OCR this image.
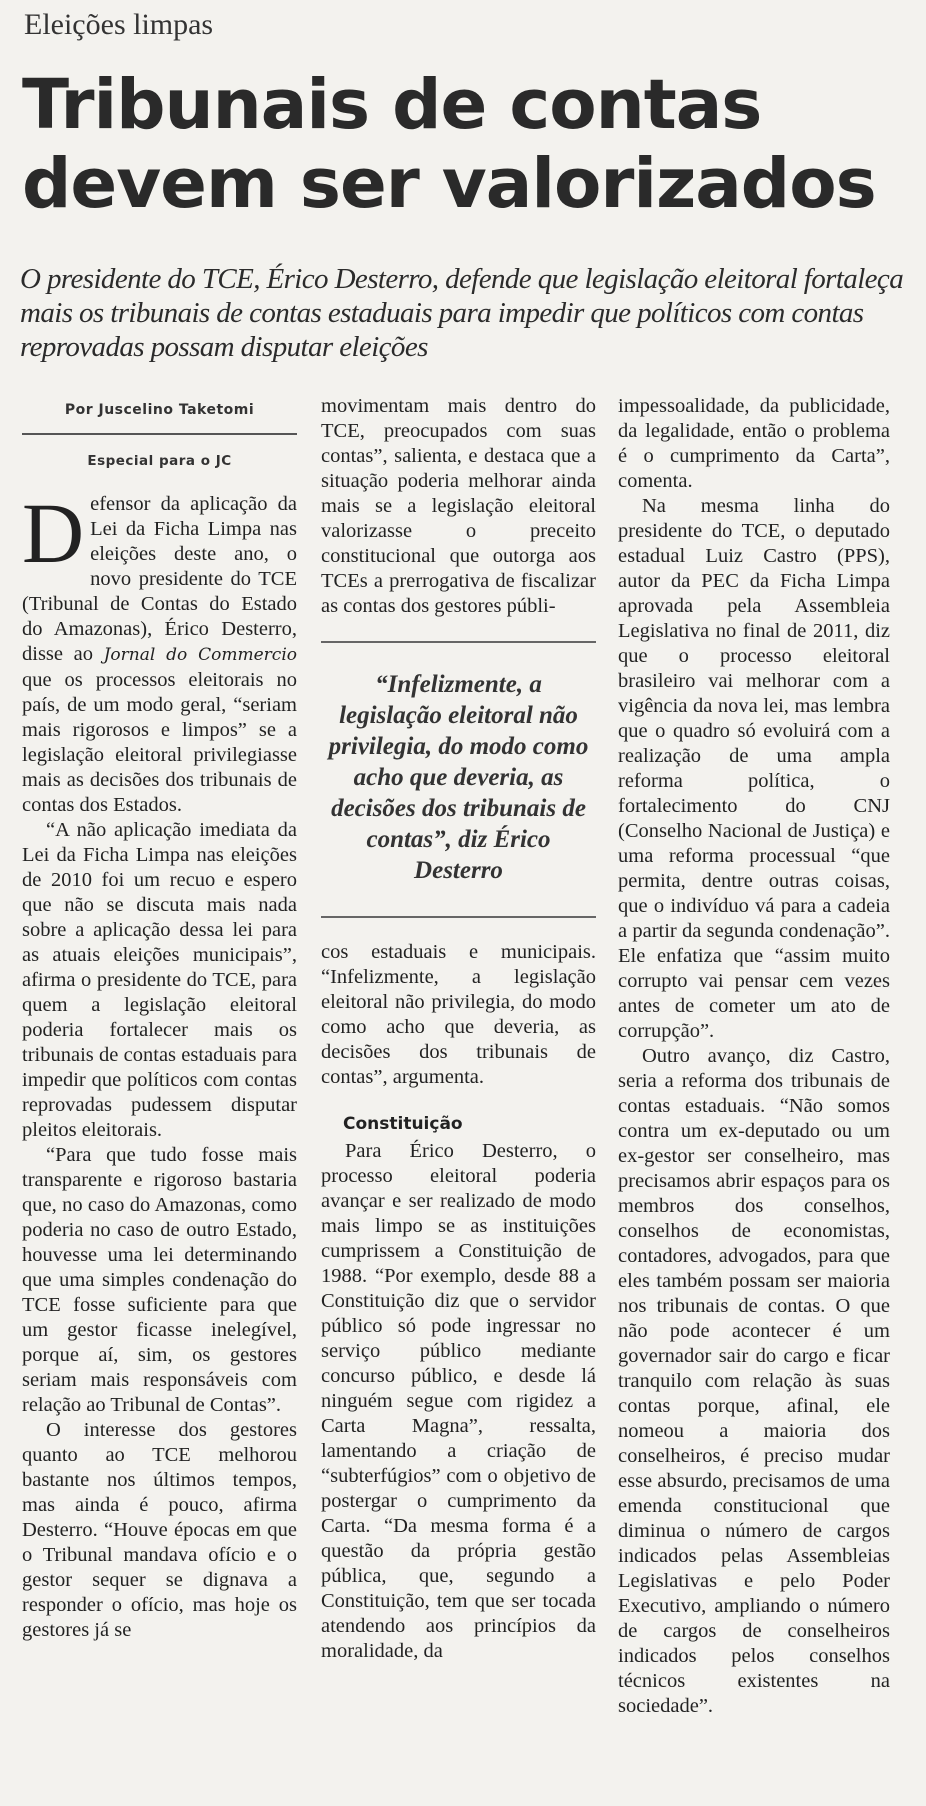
Eleições limpas
Tribunais de contas
devem ser valorizados

O presidente do TCE, Érico Desterro, defende que legislação eleitoral fortaleça mais os tribunais de contas estaduais para impedir que políticos com contas reprovadas possam disputar eleições

Por Juscelino Taketomi
Especial para o JC

Defensor da aplicação da Lei da Ficha Limpa nas eleições deste ano, o novo presidente do TCE (Tribunal de Contas do Estado do Amazonas), Érico Desterro, disse ao Jornal do Commercio que os processos eleitorais no país, de um modo geral, “seriam mais rigorosos e limpos” se a legislação eleitoral privilegiasse mais as decisões dos tribunais de contas dos Estados.

“A não aplicação imediata da Lei da Ficha Limpa nas eleições de 2010 foi um recuo e espero que não se discuta mais nada sobre a aplicação dessa lei para as atuais eleições municipais”, afirma o presidente do TCE, para quem a legislação eleitoral poderia fortalecer mais os tribunais de contas estaduais para impedir que políticos com contas reprovadas pudessem disputar pleitos eleitorais.

“Para que tudo fosse mais transparente e rigoroso bastaria que, no caso do Amazonas, como poderia no caso de outro Estado, houvesse uma lei determinando que uma simples condenação do TCE fosse suficiente para que um gestor ficasse inelegível, porque aí, sim, os gestores seriam mais responsáveis com relação ao Tribunal de Contas”.

O interesse dos gestores quanto ao TCE melhorou bastante nos últimos tempos, mas ainda é pouco, afirma Desterro. “Houve épocas em que o Tribunal mandava ofício e o gestor sequer se dignava a responder o ofício, mas hoje os gestores já se

movimentam mais dentro do TCE, preocupados com suas contas”, salienta, e destaca que a situação poderia melhorar ainda mais se a legislação eleitoral valorizasse o preceito constitucional que outorga aos TCEs a prerrogativa de fiscalizar as contas dos gestores públi-

“Infelizmente, a legislação eleitoral não privilegia, do modo como acho que deveria, as decisões dos tribunais de contas”, diz Érico Desterro

cos estaduais e municipais. “Infelizmente, a legislação eleitoral não privilegia, do modo como acho que deveria, as decisões dos tribunais de contas”, argumenta.

Constituição

Para Érico Desterro, o processo eleitoral poderia avançar e ser realizado de modo mais limpo se as instituições cumprissem a Constituição de 1988. “Por exemplo, desde 88 a Constituição diz que o servidor público só pode ingressar no serviço público mediante concurso público, e desde lá ninguém segue com rigidez a Carta Magna”, ressalta, lamentando a criação de “subterfúgios” com o objetivo de postergar o cumprimento da Carta. “Da mesma forma é a questão da própria gestão pública, que, segundo a Constituição, tem que ser tocada atendendo aos princípios da moralidade, da

impessoalidade, da publicidade, da legalidade, então o problema é o cumprimento da Carta”, comenta.

Na mesma linha do presidente do TCE, o deputado estadual Luiz Castro (PPS), autor da PEC da Ficha Limpa aprovada pela Assembleia Legislativa no final de 2011, diz que o processo eleitoral brasileiro vai melhorar com a vigência da nova lei, mas lembra que o quadro só evoluirá com a realização de uma ampla reforma política, o fortalecimento do CNJ (Conselho Nacional de Justiça) e uma reforma processual “que permita, dentre outras coisas, que o indivíduo vá para a cadeia a partir da segunda condenação”. Ele enfatiza que “assim muito corrupto vai pensar cem vezes antes de cometer um ato de corrupção”.

Outro avanço, diz Castro, seria a reforma dos tribunais de contas estaduais. “Não somos contra um ex-deputado ou um ex-gestor ser conselheiro, mas precisamos abrir espaços para os membros dos conselhos, conselhos de economistas, contadores, advogados, para que eles também possam ser maioria nos tribunais de contas. O que não pode acontecer é um governador sair do cargo e ficar tranquilo com relação às suas contas porque, afinal, ele nomeou a maioria dos conselheiros, é preciso mudar esse absurdo, precisamos de uma emenda constitucional que diminua o número de cargos indicados pelas Assembleias Legislativas e pelo Poder Executivo, ampliando o número de cargos de conselheiros indicados pelos conselhos técnicos existentes na sociedade”.
